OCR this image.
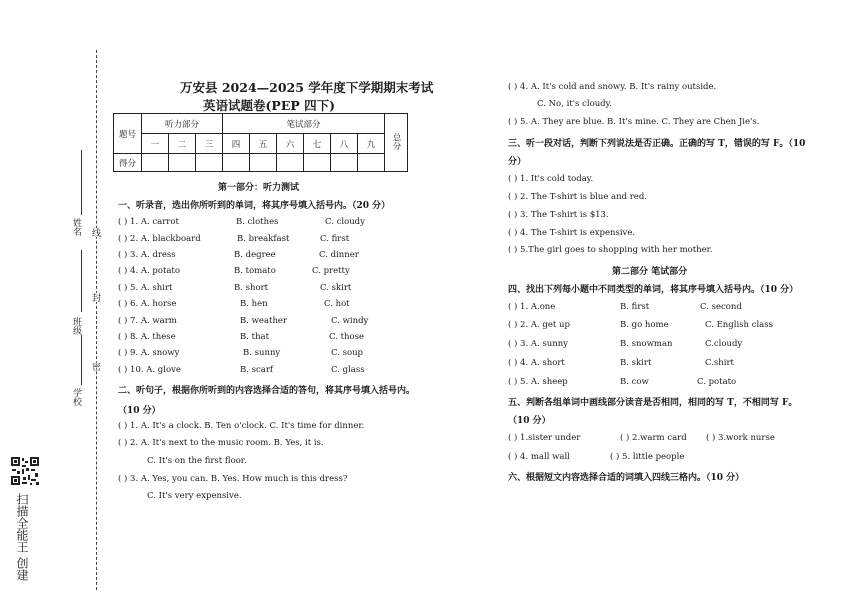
线
封
密
姓名
班级
学校
扫描全能王 创建
万安县 2024—2025 学年度下学期期末考试
英语试题卷(PEP 四下)
题号	听力部分			笔试部分						总分
	一	二	三	四	五	六	七	八	九	
得分										
第一部分：听力测试
一、听录音，选出你所听到的单词，将其序号填入括号内。（20 分）
( ) 1. A. carrot	B. clothes	C. cloudy
( ) 2. A. blackboard	B. breakfast	C. first
( ) 3. A. dress	B. degree	C. dinner
( ) 4. A. potato	B. tomato	C. pretty
( ) 5. A. shirt	B. short	C. skirt
( ) 6. A. horse	B. hen	C. hot
( ) 7. A. warm	B. weather	C. windy
( ) 8. A. these	B. that	C. those
( ) 9. A. snowy	B. sunny	C. soup
( ) 10. A. glove	B. scarf	C. glass
二、听句子，根据你所听到的内容选择合适的答句，将其序号填入括号内。
（10 分）
( ) 1. A. It's a clock. B. Ten o'clock. C. It's time for dinner.
( ) 2. A. It's next to the music room. B. Yes, it is.
C. It's on the first floor.
( ) 3. A. Yes, you can. B. Yes. How much is this dress?
C. It's very expensive.
( ) 4. A. It's cold and snowy. B. It's rainy outside.
C. No, it's cloudy.
( ) 5. A. They are blue. B. It's mine. C. They are Chen Jie's.
三、听一段对话，判断下列说法是否正确。正确的写 T，错误的写 F。（10
分）
( ) 1. It's cold today.
( ) 2. The T-shirt is blue and red.
( ) 3. The T-shirt is $13.
( ) 4. The T-shirt is expensive.
( ) 5.The girl goes to shopping with her mother.
第二部分 笔试部分
四、找出下列每小题中不同类型的单词，将其序号填入括号内。（10 分）
( ) 1. A.one	B. first	C. second
( ) 2. A. get up	B. go home	C. English class
( ) 3. A. sunny	B. snowman	C.cloudy
( ) 4. A. short	B. skirt	C.shirt
( ) 5. A. sheep	B. cow	C. potato
五、判断各组单词中画线部分读音是否相同，相同的写 T，不相同写 F。
（10 分）
( ) 1.sister under	( ) 2.warm card ( ) 3.work nurse
( ) 4. mall wall	( ) 5. little people
六、根据短文内容选择合适的词填入四线三格内。（10 分）
